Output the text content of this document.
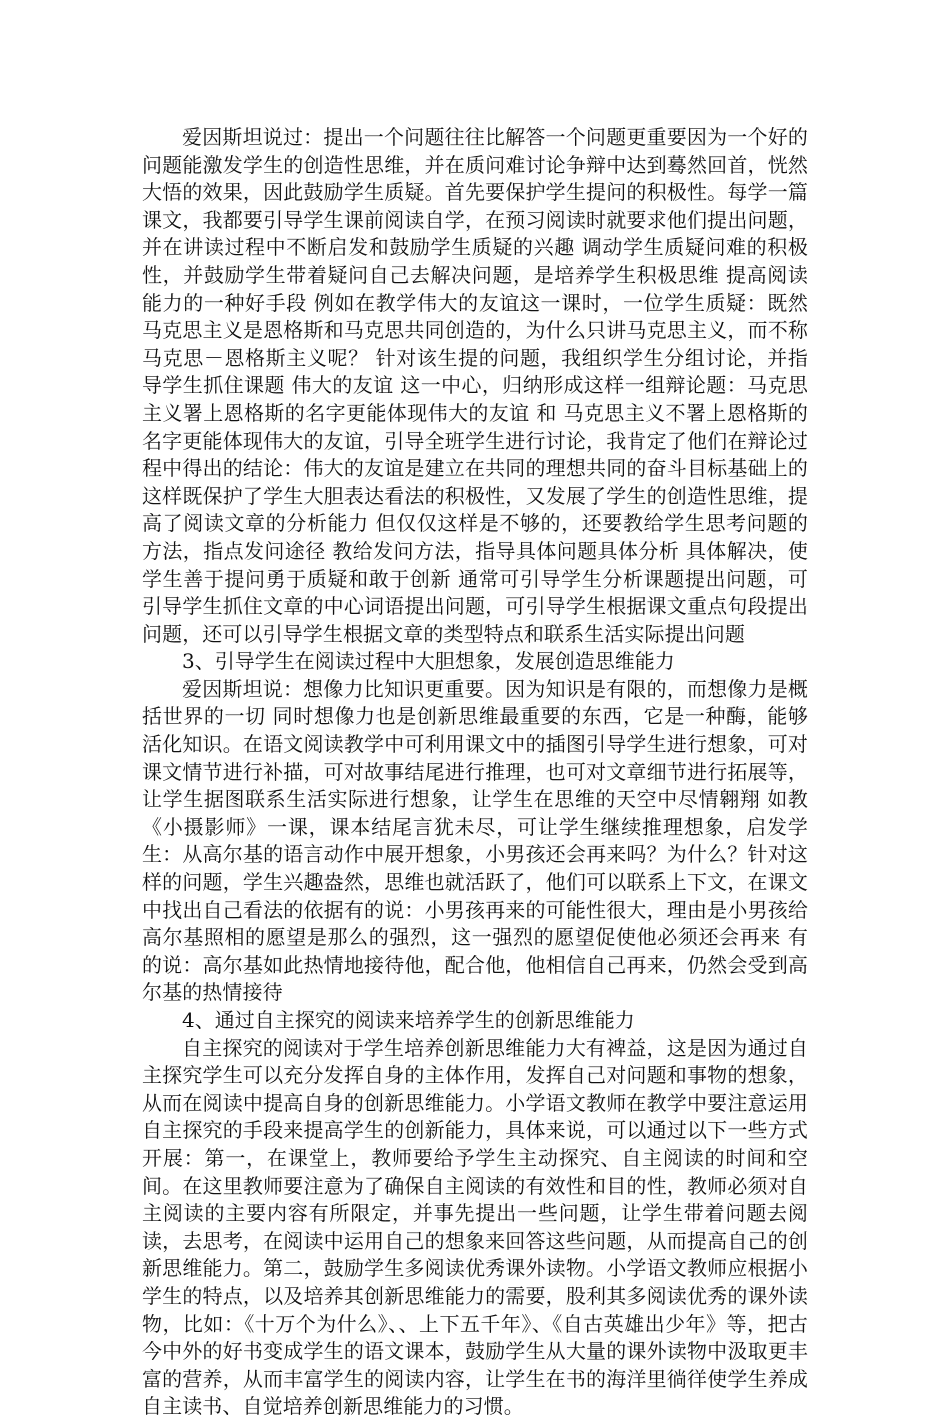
爱因斯坦说过：提出一个问题往往比解答一个问题更重要因为一个好的问题能激发学生的创造性思维，并在质问难讨论争辩中达到蓦然回首，恍然大悟的效果，因此鼓励学生质疑。首先要保护学生提问的积极性。每学一篇课文，我都要引导学生课前阅读自学，在预习阅读时就要求他们提出问题，并在讲读过程中不断启发和鼓励学生质疑的兴趣 调动学生质疑问难的积极性，并鼓励学生带着疑问自己去解决问题，是培养学生积极思维 提高阅读能力的一种好手段 例如在教学伟大的友谊这一课时，一位学生质疑：既然马克思主义是恩格斯和马克思共同创造的，为什么只讲马克思主义，而不称马克思－恩格斯主义呢？ 针对该生提的问题，我组织学生分组讨论，并指导学生抓住课题 伟大的友谊 这一中心，归纳形成这样一组辩论题：马克思主义署上恩格斯的名字更能体现伟大的友谊 和 马克思主义不署上恩格斯的名字更能体现伟大的友谊，引导全班学生进行讨论，我肯定了他们在辩论过程中得出的结论：伟大的友谊是建立在共同的理想共同的奋斗目标基础上的 这样既保护了学生大胆表达看法的积极性，又发展了学生的创造性思维，提高了阅读文章的分析能力 但仅仅这样是不够的，还要教给学生思考问题的方法，指点发问途径 教给发问方法，指导具体问题具体分析 具体解决，使学生善于提问勇于质疑和敢于创新 通常可引导学生分析课题提出问题，可引导学生抓住文章的中心词语提出问题，可引导学生根据课文重点句段提出问题，还可以引导学生根据文章的类型特点和联系生活实际提出问题

3、引导学生在阅读过程中大胆想象，发展创造思维能力

爱因斯坦说：想像力比知识更重要。因为知识是有限的，而想像力是概括世界的一切 同时想像力也是创新思维最重要的东西，它是一种酶，能够活化知识。在语文阅读教学中可利用课文中的插图引导学生进行想象，可对课文情节进行补描，可对故事结尾进行推理，也可对文章细节进行拓展等，让学生据图联系生活实际进行想象，让学生在思维的天空中尽情翱翔 如教《小摄影师》一课，课本结尾言犹未尽，可让学生继续推理想象，启发学生：从高尔基的语言动作中展开想象，小男孩还会再来吗？为什么？针对这样的问题，学生兴趣盎然，思维也就活跃了，他们可以联系上下文，在课文中找出自己看法的依据有的说：小男孩再来的可能性很大，理由是小男孩给高尔基照相的愿望是那么的强烈，这一强烈的愿望促使他必须还会再来 有的说：高尔基如此热情地接待他，配合他，他相信自己再来，仍然会受到高尔基的热情接待

4、通过自主探究的阅读来培养学生的创新思维能力

自主探究的阅读对于学生培养创新思维能力大有裨益，这是因为通过自主探究学生可以充分发挥自身的主体作用，发挥自己对问题和事物的想象，从而在阅读中提高自身的创新思维能力。小学语文教师在教学中要注意运用自主探究的手段来提高学生的创新能力，具体来说，可以通过以下一些方式开展：第一，在课堂上，教师要给予学生主动探究、自主阅读的时间和空间。在这里教师要注意为了确保自主阅读的有效性和目的性，教师必须对自主阅读的主要内容有所限定，并事先提出一些问题，让学生带着问题去阅读，去思考，在阅读中运用自己的想象来回答这些问题，从而提高自己的创新思维能力。第二，鼓励学生多阅读优秀课外读物。小学语文教师应根据小学生的特点，以及培养其创新思维能力的需要，股利其多阅读优秀的课外读物，比如：《十万个为什么》、、上下五千年》、《自古英雄出少年》等，把古今中外的好书变成学生的语文课本，鼓励学生从大量的课外读物中汲取更丰富的营养，从而丰富学生的阅读内容，让学生在书的海洋里徜徉使学生养成自主读书、自觉培养创新思维能力的习惯。
